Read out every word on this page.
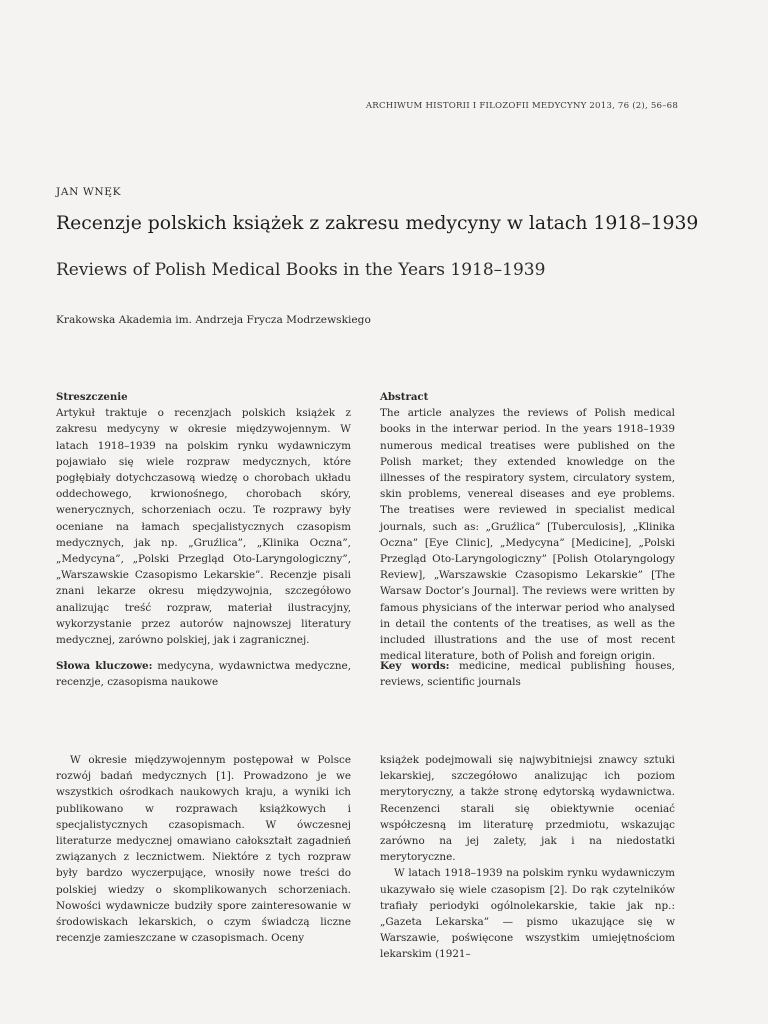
ARCHIWUM HISTORII I FILOZOFII MEDYCYNY 2013, 76 (2), 56–68
JAN WNĘK
Recenzje polskich książek z zakresu medycyny w latach 1918–1939
Reviews of Polish Medical Books in the Years 1918–1939
Krakowska Akademia im. Andrzeja Frycza Modrzewskiego

Streszczenie

Artykuł traktuje o recenzjach polskich książek z zakresu medycyny w okresie międzywojennym. W latach 1918–1939 na polskim rynku wydawniczym pojawiało się wiele rozpraw medycznych, które pogłębiały dotychczasową wiedzę o chorobach układu oddechowego, krwionośnego, chorobach skóry, wenerycznych, schorzeniach oczu. Te rozprawy były oceniane na łamach specjalistycznych czasopism medycznych, jak np. „Gruźlica”, „Klinika Oczna”, „Medycyna”, „Polski Przegląd Oto-Laryngologiczny”, „Warszawskie Czasopismo Lekarskie”. Recenzje pisali znani lekarze okresu międzywojnia, szczegółowo analizując treść rozpraw, materiał ilustracyjny, wykorzystanie przez autorów najnowszej literatury medycznej, zarówno polskiej, jak i zagranicznej.

Abstract

The article analyzes the reviews of Polish medical books in the interwar period. In the years 1918–1939 numerous medical treatises were published on the Polish market; they extended knowledge on the illnesses of the respiratory system, circulatory system, skin problems, venereal diseases and eye problems. The treatises were reviewed in specialist medical journals, such as: „Gruźlica” [Tuberculosis], „Klinika Oczna” [Eye Clinic], „Medycyna” [Medicine], „Polski Przegląd Oto-Laryngologiczny” [Polish Otolaryngology Review], „Warszawskie Czasopismo Lekarskie” [The Warsaw Doctor’s Journal]. The reviews were written by famous physicians of the interwar period who analysed in detail the contents of the treatises, as well as the included illustrations and the use of most recent medical literature, both of Polish and foreign origin.

Słowa kluczowe: medycyna, wydawnictwa medyczne, recenzje, czasopisma naukowe

Key words: medicine, medical publishing houses, reviews, scientific journals

W okresie międzywojennym postępował w Polsce rozwój badań medycznych [1]. Prowadzono je we wszystkich ośrodkach naukowych kraju, a wyniki ich publikowano w rozprawach książkowych i specjalistycznych czasopismach. W ówczesnej literaturze medycznej omawiano całokształt zagadnień związanych z lecznictwem. Niektóre z tych rozpraw były bardzo wyczerpujące, wnosiły nowe treści do polskiej wiedzy o skomplikowanych schorzeniach. Nowości wydawnicze budziły spore zainteresowanie w środowiskach lekarskich, o czym świadczą liczne recenzje zamieszczane w czasopismach. Oceny

książek podejmowali się najwybitniejsi znawcy sztuki lekarskiej, szczegółowo analizując ich poziom merytoryczny, a także stronę edytorską wydawnictwa. Recenzenci starali się obiektywnie oceniać współczesną im literaturę przedmiotu, wskazując zarówno na jej zalety, jak i na niedostatki merytoryczne.

W latach 1918–1939 na polskim rynku wydawniczym ukazywało się wiele czasopism [2]. Do rąk czytelników trafiały periodyki ogólnolekarskie, takie jak np.: „Gazeta Lekarska” — pismo ukazujące się w Warszawie, poświęcone wszystkim umiejętnościom lekarskim (1921–
